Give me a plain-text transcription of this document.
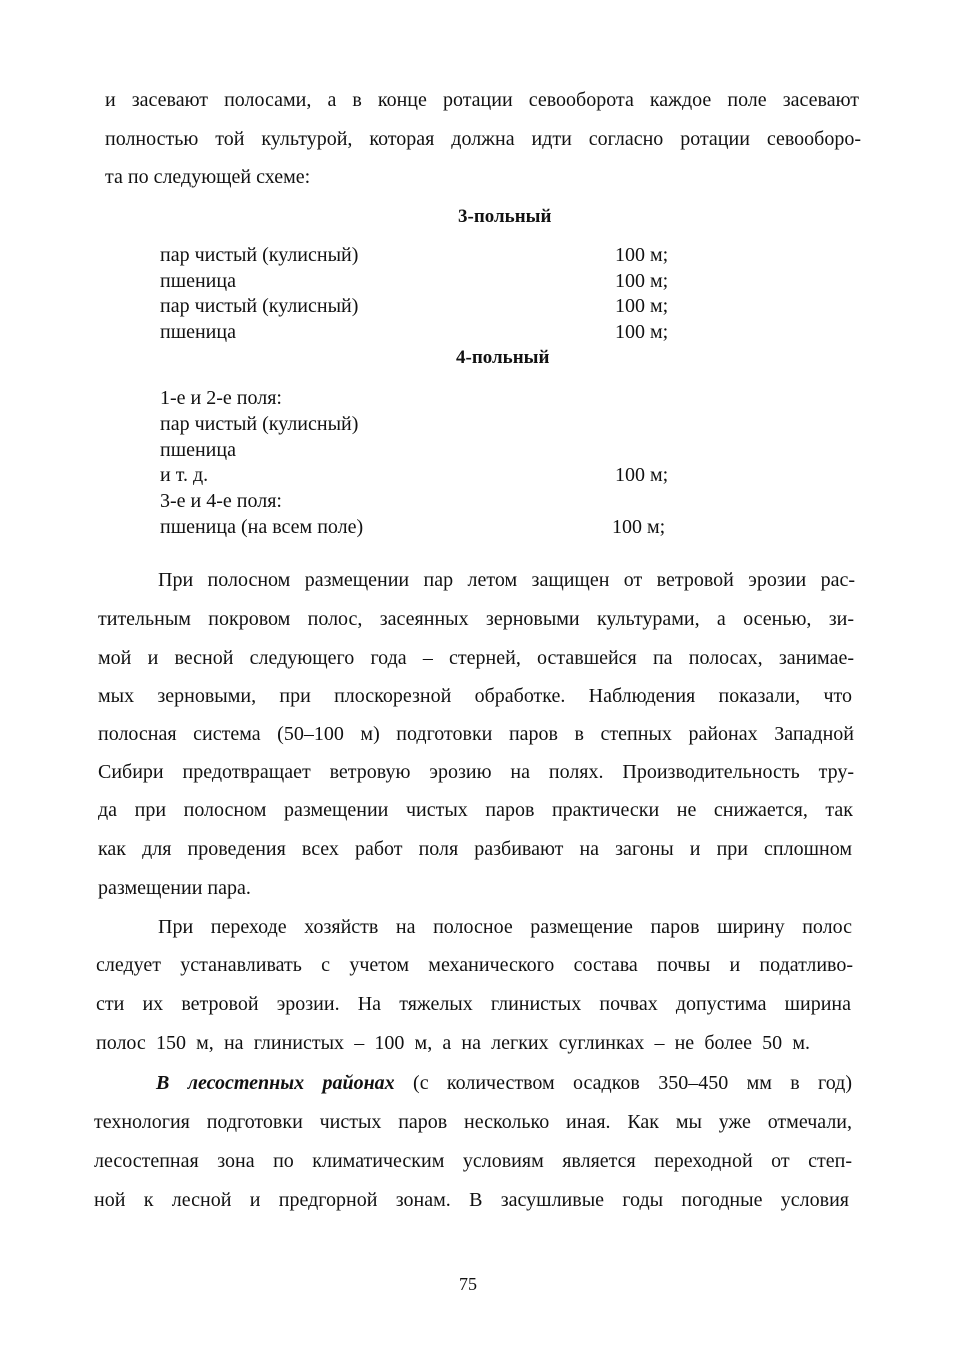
и засевают полосами, а в конце ротации севооборота каждое поле засевают
полностью той культурой, которая должна идти согласно ротации севооборо-
та по следующей схеме:
3-польный
пар чистый (кулисный)	100 м;
пшеница	100 м;
пар чистый (кулисный)	100 м;
пшеница	100 м;
4-польный
1-е и 2-е поля:
пар чистый (кулисный)
пшеница
и т. д.	100 м;
3-е и 4-е поля:
пшеница (на всем поле)	100 м;
При полосном размещении пар летом защищен от ветровой эрозии рас-
тительным покровом полос, засеянных зерновыми культурами, а осенью, зи-
мой и весной следующего года – стерней, оставшейся па полосах, занимае-
мых зерновыми, при плоскорезной обработке. Наблюдения показали, что
полосная система (50–100 м) подготовки паров в степных районах Западной
Сибири предотвращает ветровую эрозию на полях. Производительность тру-
да при полосном размещении чистых паров практически не снижается, так
как для проведения всех работ поля разбивают на загоны и при сплошном
размещении пара.
При переходе хозяйств на полосное размещение паров ширину полос
следует устанавливать с учетом механического состава почвы и податливо-
сти их ветровой эрозии. На тяжелых глинистых почвах допустима ширина
полос 150 м, на глинистых – 100 м, а на легких суглинках – не более 50 м.
В лесостепных районах (с количеством осадков 350–450 мм в год)
технология подготовки чистых паров несколько иная. Как мы уже отмечали,
лесостепная зона по климатическим условиям является переходной от степ-
ной к лесной и предгорной зонам. В засушливые годы погодные условия
75
